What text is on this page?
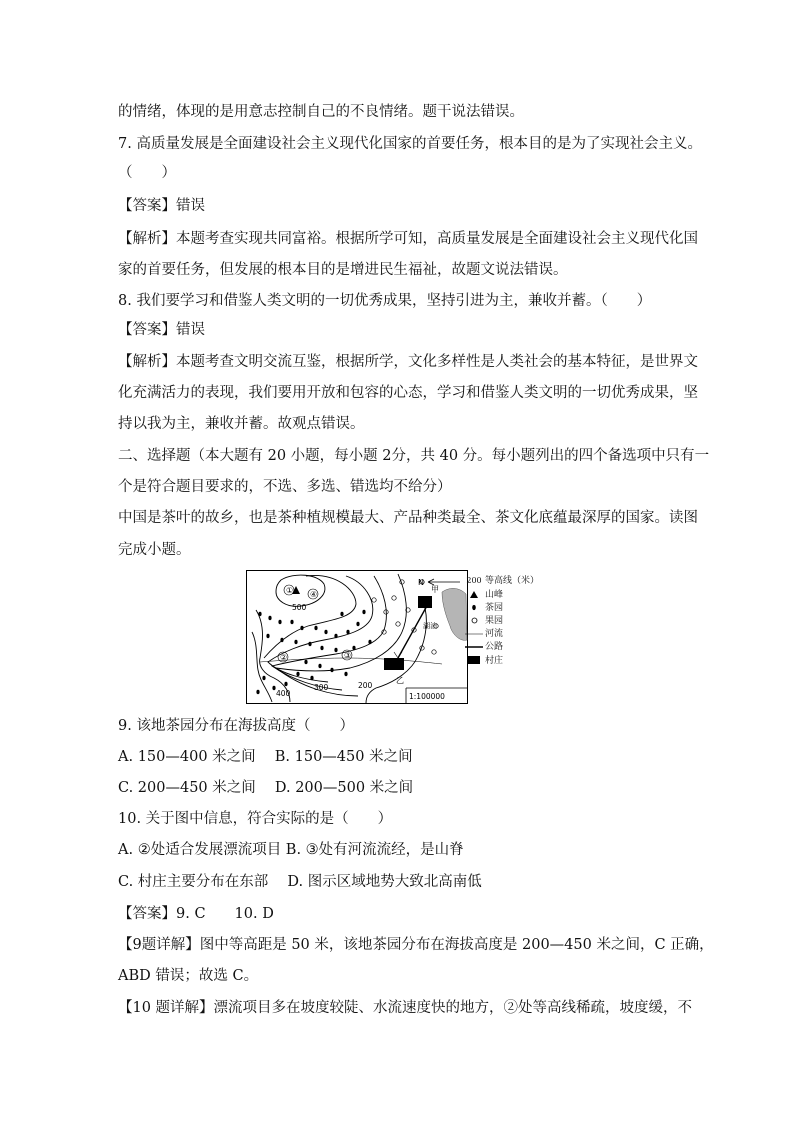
的情绪，体现的是用意志控制自己的不良情绪。题干说法错误。
7. 高质量发展是全面建设社会主义现代化国家的首要任务，根本目的是为了实现社会主义。
（　　）
【答案】错误
【解析】本题考查实现共同富裕。根据所学可知，高质量发展是全面建设社会主义现代化国
家的首要任务，但发展的根本目的是增进民生福祉，故题文说法错误。
8. 我们要学习和借鉴人类文明的一切优秀成果，坚持引进为主，兼收并蓄。（　　）
【答案】错误
【解析】本题考查文明交流互鉴，根据所学，文化多样性是人类社会的基本特征，是世界文
化充满活力的表现，我们要用开放和包容的心态，学习和借鉴人类文明的一切优秀成果，坚
持以我为主，兼收并蓄。故观点错误。
二、选择题（本大题有 20 小题，每小题 2分，共 40 分。每小题列出的四个备选项中只有一
个是符合题目要求的，不选、多选、错选均不给分）
中国是茶叶的故乡，也是茶种植规模最大、产品种类最全、茶文化底蕴最深厚的国家。读图
完成小题。
① ④
②	③
500
400
300	200
N
甲
乙
湖泊
1:100000
200 等高线（米）
山峰
茶园
果园
河流
公路
村庄
9. 该地茶园分布在海拔高度（　　）
A. 150—400 米之间　 B. 150—450 米之间
C. 200—450 米之间　 D. 200—500 米之间
10. 关于图中信息，符合实际的是（　　）
A. ②处适合发展漂流项目 B. ③处有河流流经，是山脊
C. 村庄主要分布在东部　 D. 图示区域地势大致北高南低
【答案】9. C　　10. D
【9题详解】图中等高距是 50 米，该地茶园分布在海拔高度是 200—450 米之间，C 正确，
ABD 错误；故选 C。
【10 题详解】漂流项目多在坡度较陡、水流速度快的地方，②处等高线稀疏，坡度缓，不
